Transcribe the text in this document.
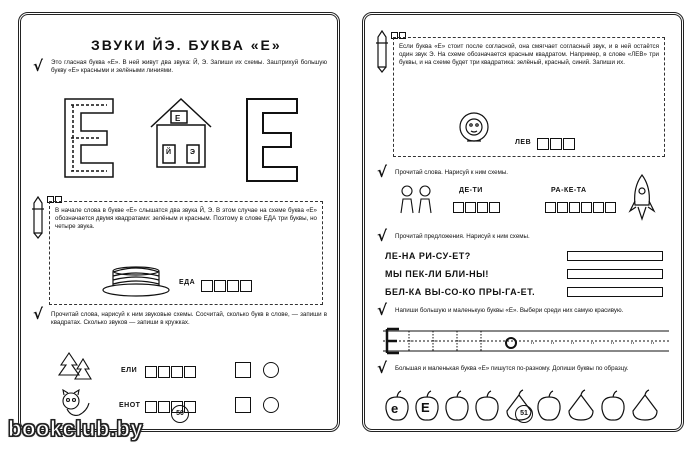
ЗВУКИ ЙЭ. БУКВА «Е»
√ Это гласная буква «Е». В ней живут два звука: Й, Э. Запиши их схемы. Заштрихуй большую букву «Е» красными и зелёными линиями.
Е
Й	Э
В начале слова в букве «Е» слышатся два звука Й, Э. В этом случае на схеме буква «Е» обозначается двумя квадратами: зелёным и красным. Поэтому в слове ЕДА три буквы, но четыре звука.
ЕДА
√ Прочитай слова, нарисуй к ним звуковые схемы. Сосчитай, сколько букв в слове, — запиши в квадратах. Сколько звуков — запиши в кружках.
ЕЛИ

ЕНОТ

50
Если буква «Е» стоит после согласной, она смягчает согласный звук, и в ней остаётся один звук Э. На схеме обозначается красным квадратом. Например, в слове «ЛЕВ» три буквы, и на схеме будет три квадратика: зелёный, красный, синий. Запиши их.
ЛЕВ
√ Прочитай слова. Нарисуй к ним схемы.
ДЕ-ТИ	РА-КЕ-ТА
√ Прочитай предложения. Нарисуй к ним схемы.
ЛЕ-НА РИ-СУ-ЕТ?
МЫ ПЕК-ЛИ БЛИ-НЫ!
БЕЛ-КА ВЫ-СО-КО ПРЫ-ГА-ЕТ.
√ Напиши большую и маленькую буквы «Е». Выбери среди них самую красивую.
√ Большая и маленькая буква «Е» пишутся по-разному. Допиши буквы по образцу.
е Е	51
bookclub.by
